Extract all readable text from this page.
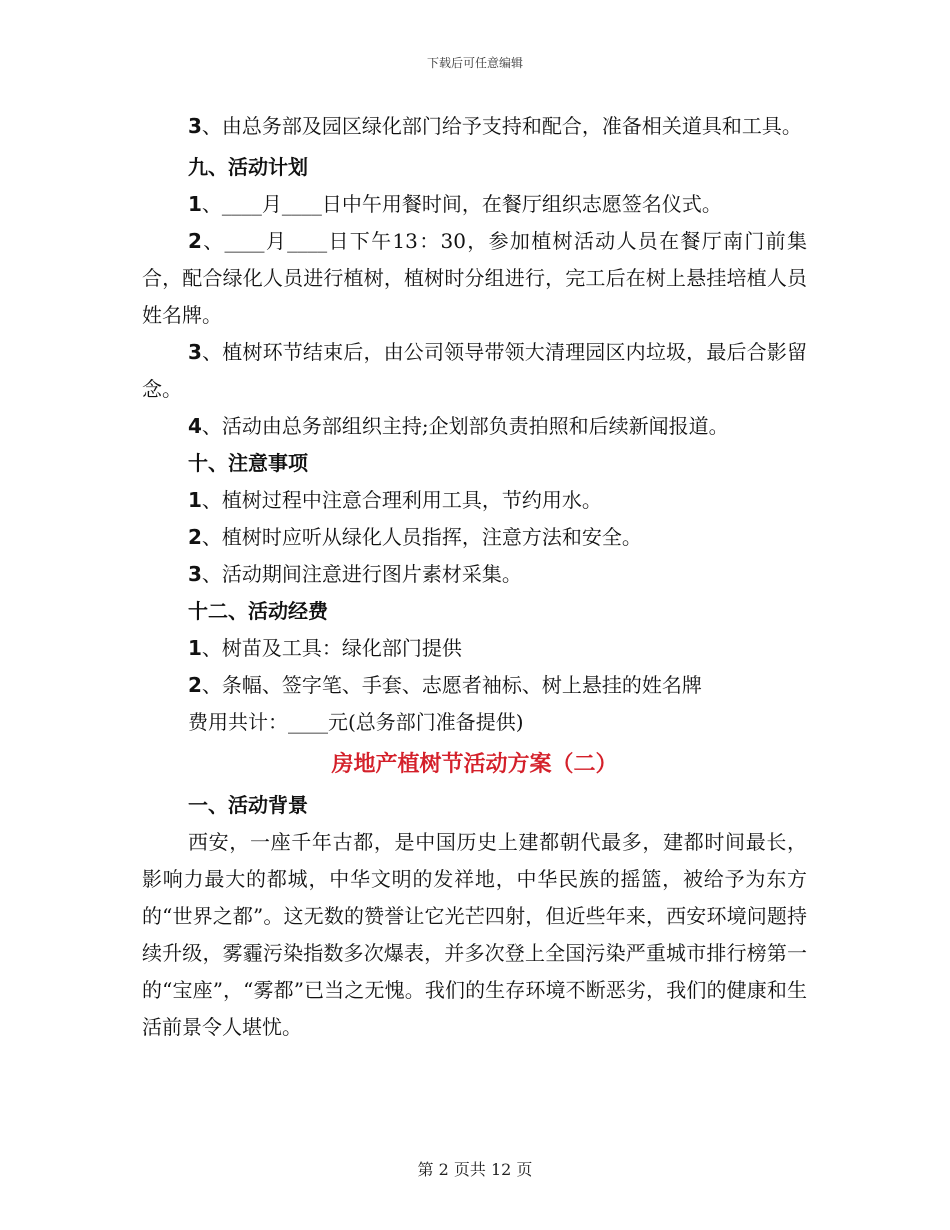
下载后可任意编辑
3、由总务部及园区绿化部门给予支持和配合，准备相关道具和工具。
九、活动计划
1、____月____日中午用餐时间，在餐厅组织志愿签名仪式。
2、____月____日下午13：30，参加植树活动人员在餐厅南门前集合，配合绿化人员进行植树，植树时分组进行，完工后在树上悬挂培植人员姓名牌。
3、植树环节结束后，由公司领导带领大清理园区内垃圾，最后合影留念。
4、活动由总务部组织主持;企划部负责拍照和后续新闻报道。
十、注意事项
1、植树过程中注意合理利用工具，节约用水。
2、植树时应听从绿化人员指挥，注意方法和安全。
3、活动期间注意进行图片素材采集。
十二、活动经费
1、树苗及工具：绿化部门提供
2、条幅、签字笔、手套、志愿者袖标、树上悬挂的姓名牌
费用共计：____元(总务部门准备提供)
房地产植树节活动方案（二）
一、活动背景
西安，一座千年古都，是中国历史上建都朝代最多，建都时间最长，影响力最大的都城，中华文明的发祥地，中华民族的摇篮，被给予为东方的“世界之都”。这无数的赞誉让它光芒四射，但近些年来，西安环境问题持续升级，雾霾污染指数多次爆表，并多次登上全国污染严重城市排行榜第一的“宝座”，“雾都”已当之无愧。我们的生存环境不断恶劣，我们的健康和生活前景令人堪忧。
第 2 页共 12 页
